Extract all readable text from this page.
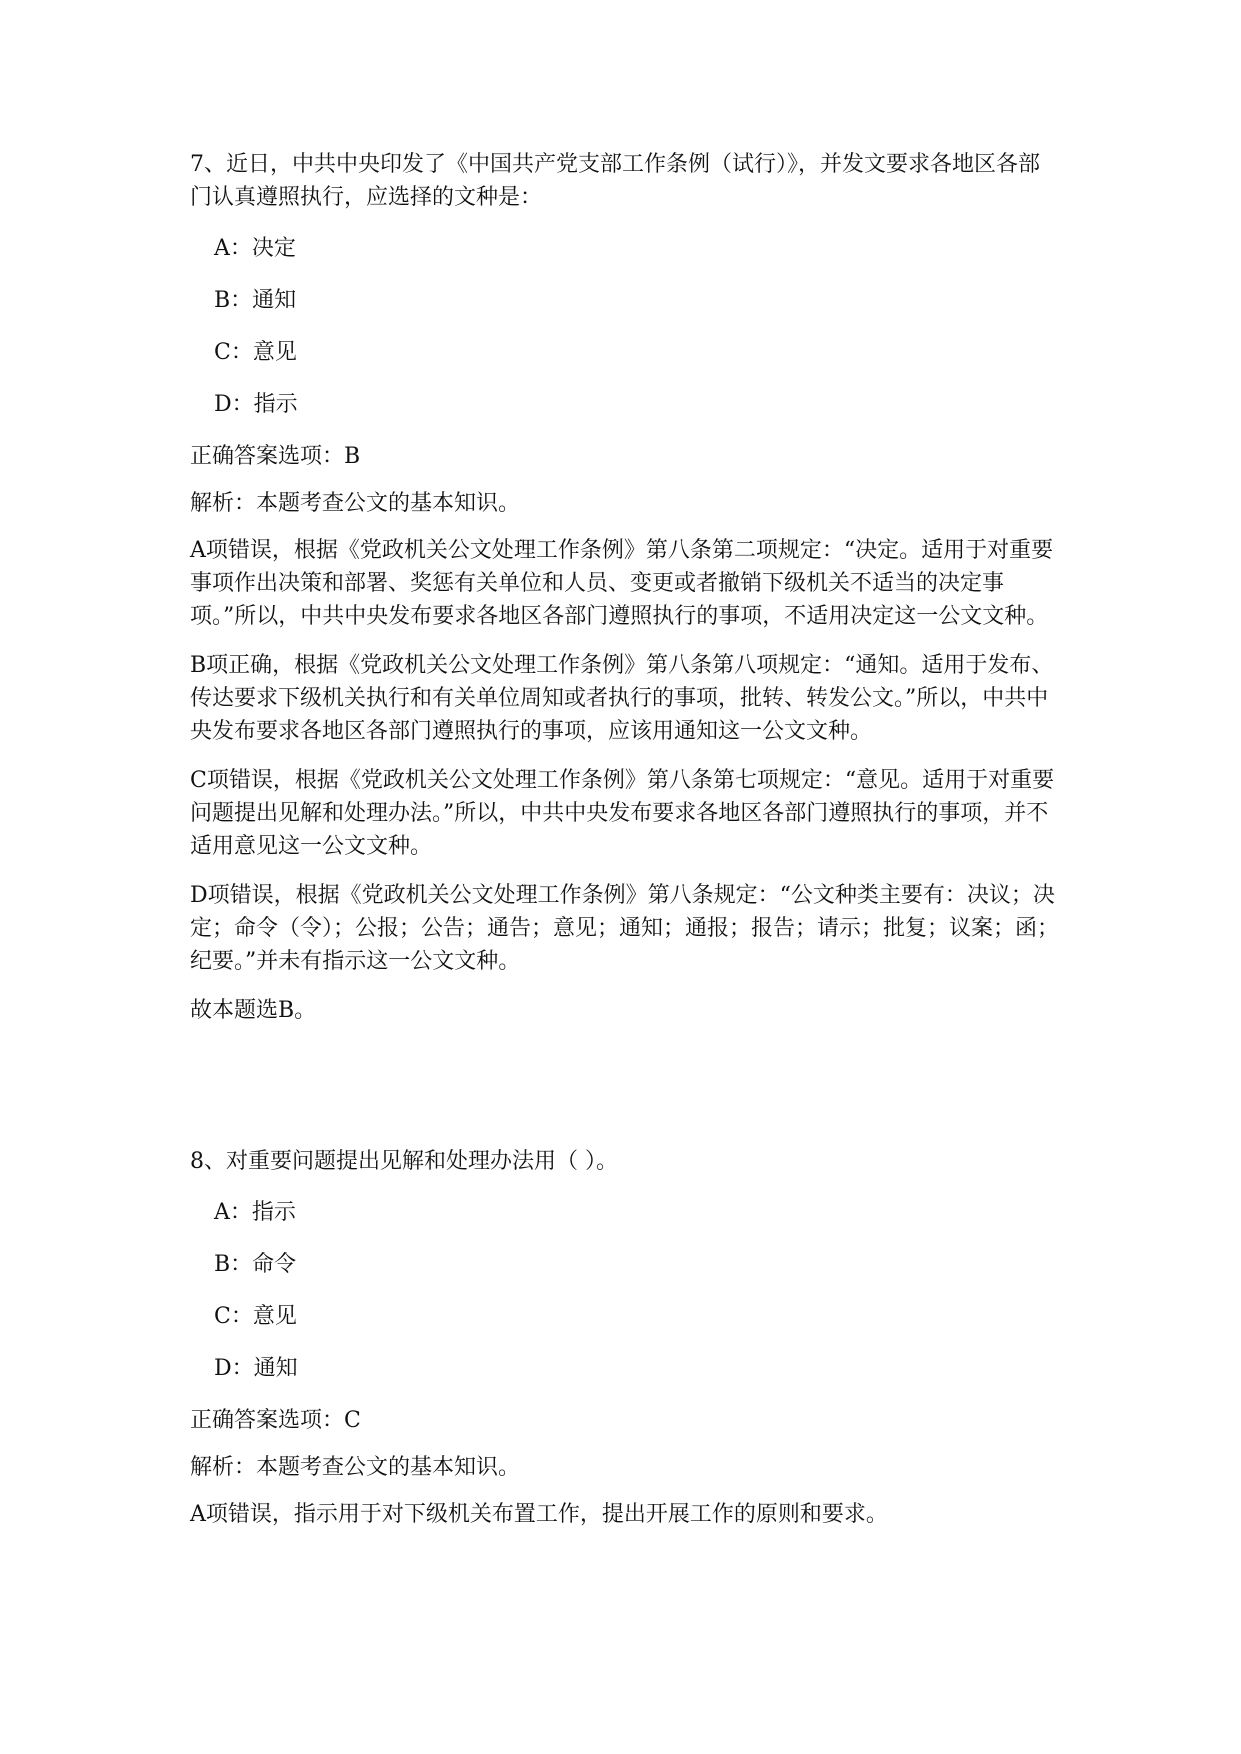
7、近日，中共中央印发了《中国共产党支部工作条例（试行）》，并发文要求各地区各部门认真遵照执行，应选择的文种是：

A：决定
B：通知
C：意见
D：指示

正确答案选项：B

解析：本题考查公文的基本知识。

A项错误，根据《党政机关公文处理工作条例》第八条第二项规定：“决定。适用于对重要事项作出决策和部署、奖惩有关单位和人员、变更或者撤销下级机关不适当的决定事项。”所以，中共中央发布要求各地区各部门遵照执行的事项，不适用决定这一公文文种。

B项正确，根据《党政机关公文处理工作条例》第八条第八项规定：“通知。适用于发布、传达要求下级机关执行和有关单位周知或者执行的事项，批转、转发公文。”所以，中共中央发布要求各地区各部门遵照执行的事项，应该用通知这一公文文种。

C项错误，根据《党政机关公文处理工作条例》第八条第七项规定：“意见。适用于对重要问题提出见解和处理办法。”所以，中共中央发布要求各地区各部门遵照执行的事项，并不适用意见这一公文文种。

D项错误，根据《党政机关公文处理工作条例》第八条规定：“公文种类主要有：决议；决定；命令（令）；公报；公告；通告；意见；通知；通报；报告；请示；批复；议案；函；纪要。”并未有指示这一公文文种。

故本题选B。

8、对重要问题提出见解和处理办法用（ ）。

A：指示
B：命令
C：意见
D：通知

正确答案选项：C

解析：本题考查公文的基本知识。

A项错误，指示用于对下级机关布置工作，提出开展工作的原则和要求。
